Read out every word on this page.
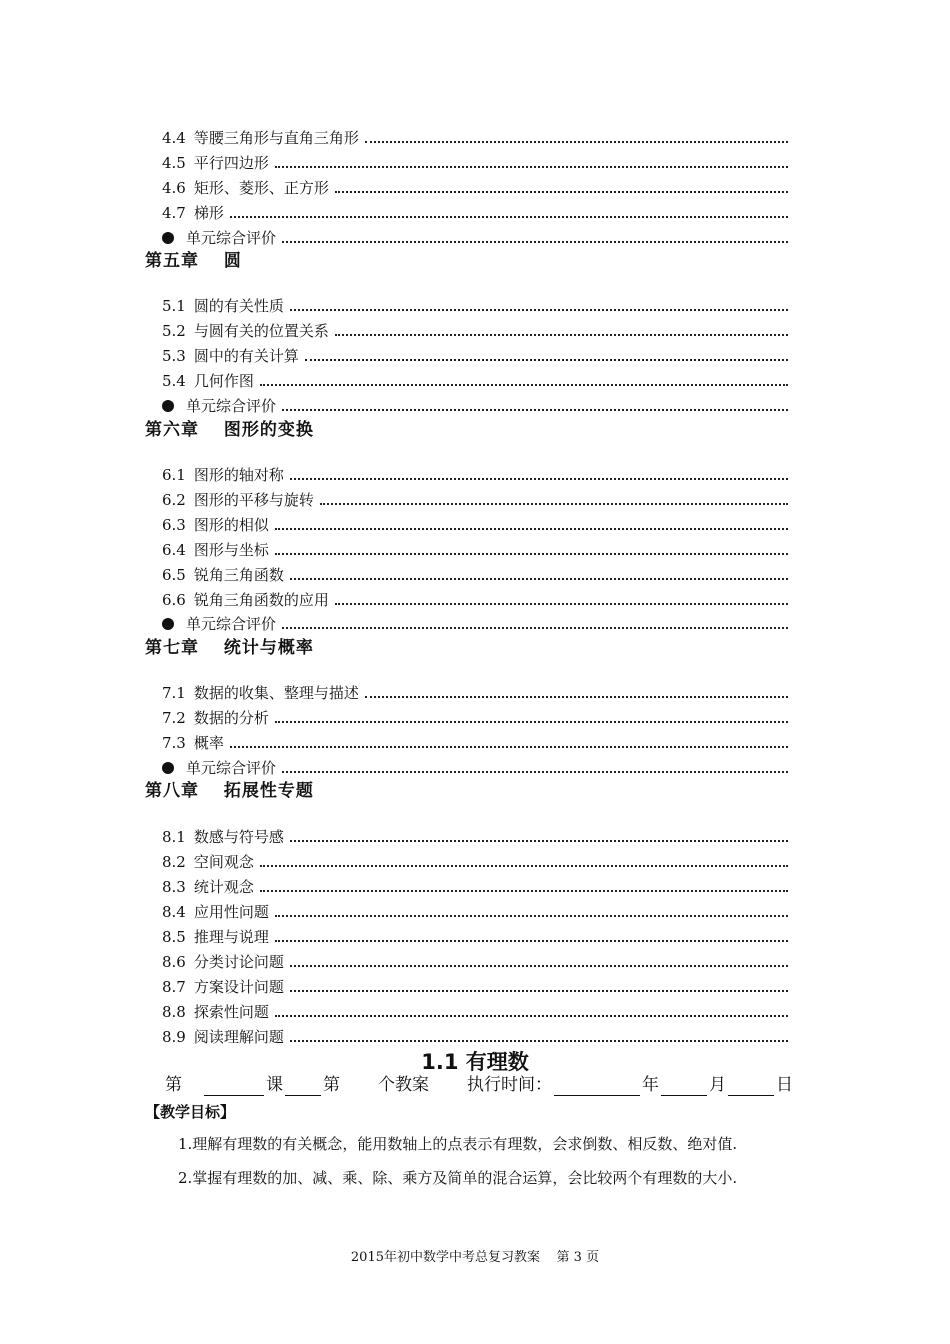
4.4 等腰三角形与直角三角形
4.5 平行四边形
4.6 矩形、菱形、正方形
4.7 梯形
单元综合评价
第五章 圆
5.1 圆的有关性质
5.2 与圆有关的位置关系
5.3 圆中的有关计算
5.4 几何作图
单元综合评价
第六章 图形的变换
6.1 图形的轴对称
6.2 图形的平移与旋转
6.3 图形的相似
6.4 图形与坐标
6.5 锐角三角函数
6.6 锐角三角函数的应用
单元综合评价
第七章 统计与概率
7.1 数据的收集、整理与描述
7.2 数据的分析
7.3 概率
单元综合评价
第八章 拓展性专题
8.1 数感与符号感
8.2 空间观念
8.3 统计观念
8.4 应用性问题
8.5 推理与说理
8.6 分类讨论问题
8.7 方案设计问题
8.8 探索性问题
8.9 阅读理解问题
1.1 有理数
第	课 第 个教案 执行时间：	年	月	日
【教学目标】
1.理解有理数的有关概念，能用数轴上的点表示有理数，会求倒数、相反数、绝对值.
2.掌握有理数的加、减、乘、除、乘方及简单的混合运算，会比较两个有理数的大小.
2015年初中数学中考总复习教案 第 3 页
